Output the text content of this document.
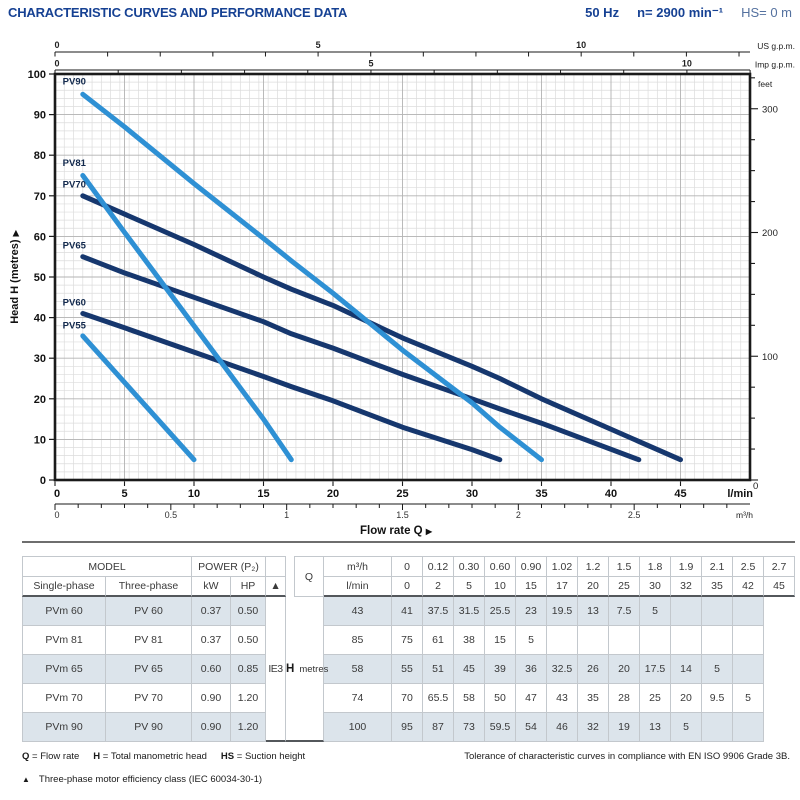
CHARACTERISTIC CURVES AND PERFORMANCE DATA	50 Hz n= 2900 min⁻¹ HS= 0 m
PV90
PV81
PV70
PV65
PV60
PV55
0
10
20
30
40
50
60
70
80
90
100
Head H (metres) ▶
100
200
300
0
feet
0	5	10	US g.p.m.
0	5	10	Imp g.p.m.
0	5	10	15	20	25	30	35	40	45	l/min
0	0.5	1	1.5	2	2.5	m³/h
Flow rate Q ▶
MODEL		POWER (P₂)				Q	m³/h	0	0.12	0.30	0.60	0.90	1.02	1.2	1.5	1.8	1.9	2.1	2.5	2.7
Single-phase	Three-phase	kW	HP	▲			l/min	0	2	5	10	15	17	20	25	30	32	35	42	45
PVm 60	PV 60	0.37	0.50	IE3	H metres		43	41	37.5	31.5	25.5	23	19.5	13	7.5	5				
PVm 81	PV 81	0.37	0.50				85	75	61	38	15	5								
PVm 65	PV 65	0.60	0.85				58	55	51	45	39	36	32.5	26	20	17.5	14	5		
PVm 70	PV 70	0.90	1.20				74	70	65.5	58	50	47	43	35	28	25	20	9.5	5	
PVm 90	PV 90	0.90	1.20				100	95	87	73	59.5	54	46	32	19	13	5			
Q = Flow rate H = Total manometric head HS = Suction height	Tolerance of characteristic curves in compliance with EN ISO 9906 Grade 3B.
▲ Three-phase motor efficiency class (IEC 60034-30-1)
